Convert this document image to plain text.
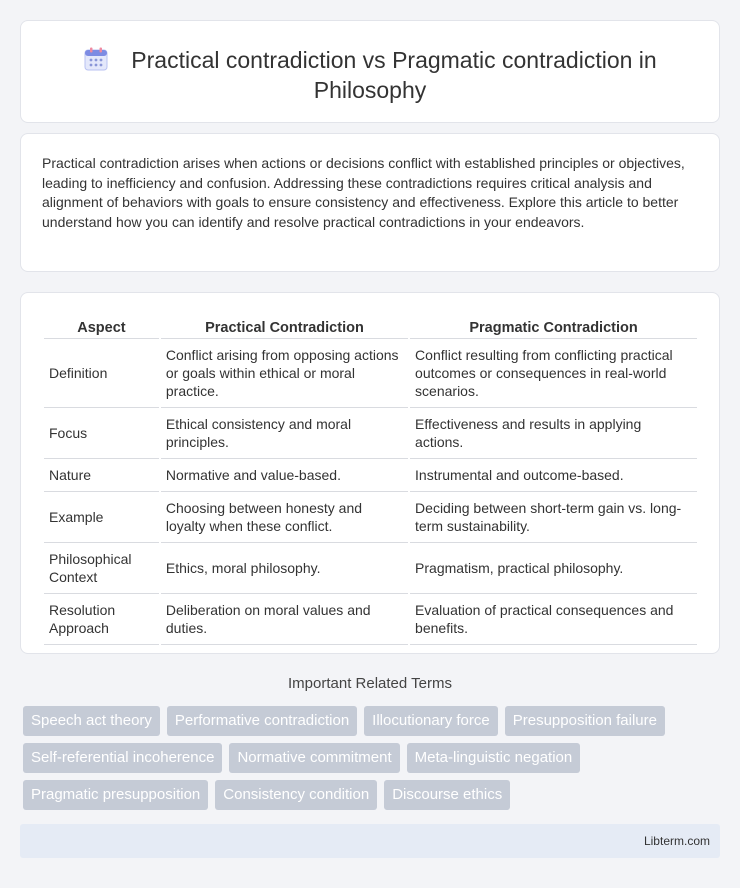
Practical contradiction vs Pragmatic contradiction in Philosophy

Practical contradiction arises when actions or decisions conflict with established principles or objectives, leading to inefficiency and confusion. Addressing these contradictions requires critical analysis and alignment of behaviors with goals to ensure consistency and effectiveness. Explore this article to better understand how you can identify and resolve practical contradictions in your endeavors.

Aspect	Practical Contradiction	Pragmatic Contradiction
Definition	Conflict arising from opposing actions or goals within ethical or moral practice.	Conflict resulting from conflicting practical outcomes or consequences in real-world scenarios.
Focus	Ethical consistency and moral principles.	Effectiveness and results in applying actions.
Nature	Normative and value-based.	Instrumental and outcome-based.
Example	Choosing between honesty and loyalty when these conflict.	Deciding between short-term gain vs. long-term sustainability.
Philosophical Context	Ethics, moral philosophy.	Pragmatism, practical philosophy.
Resolution Approach	Deliberation on moral values and duties.	Evaluation of practical consequences and benefits.
Important Related Terms
Speech act theory	Performative contradiction	Illocutionary force	Presupposition failure
Self-referential incoherence	Normative commitment	Meta-linguistic negation
Pragmatic presupposition	Consistency condition	Discourse ethics
Libterm.com
